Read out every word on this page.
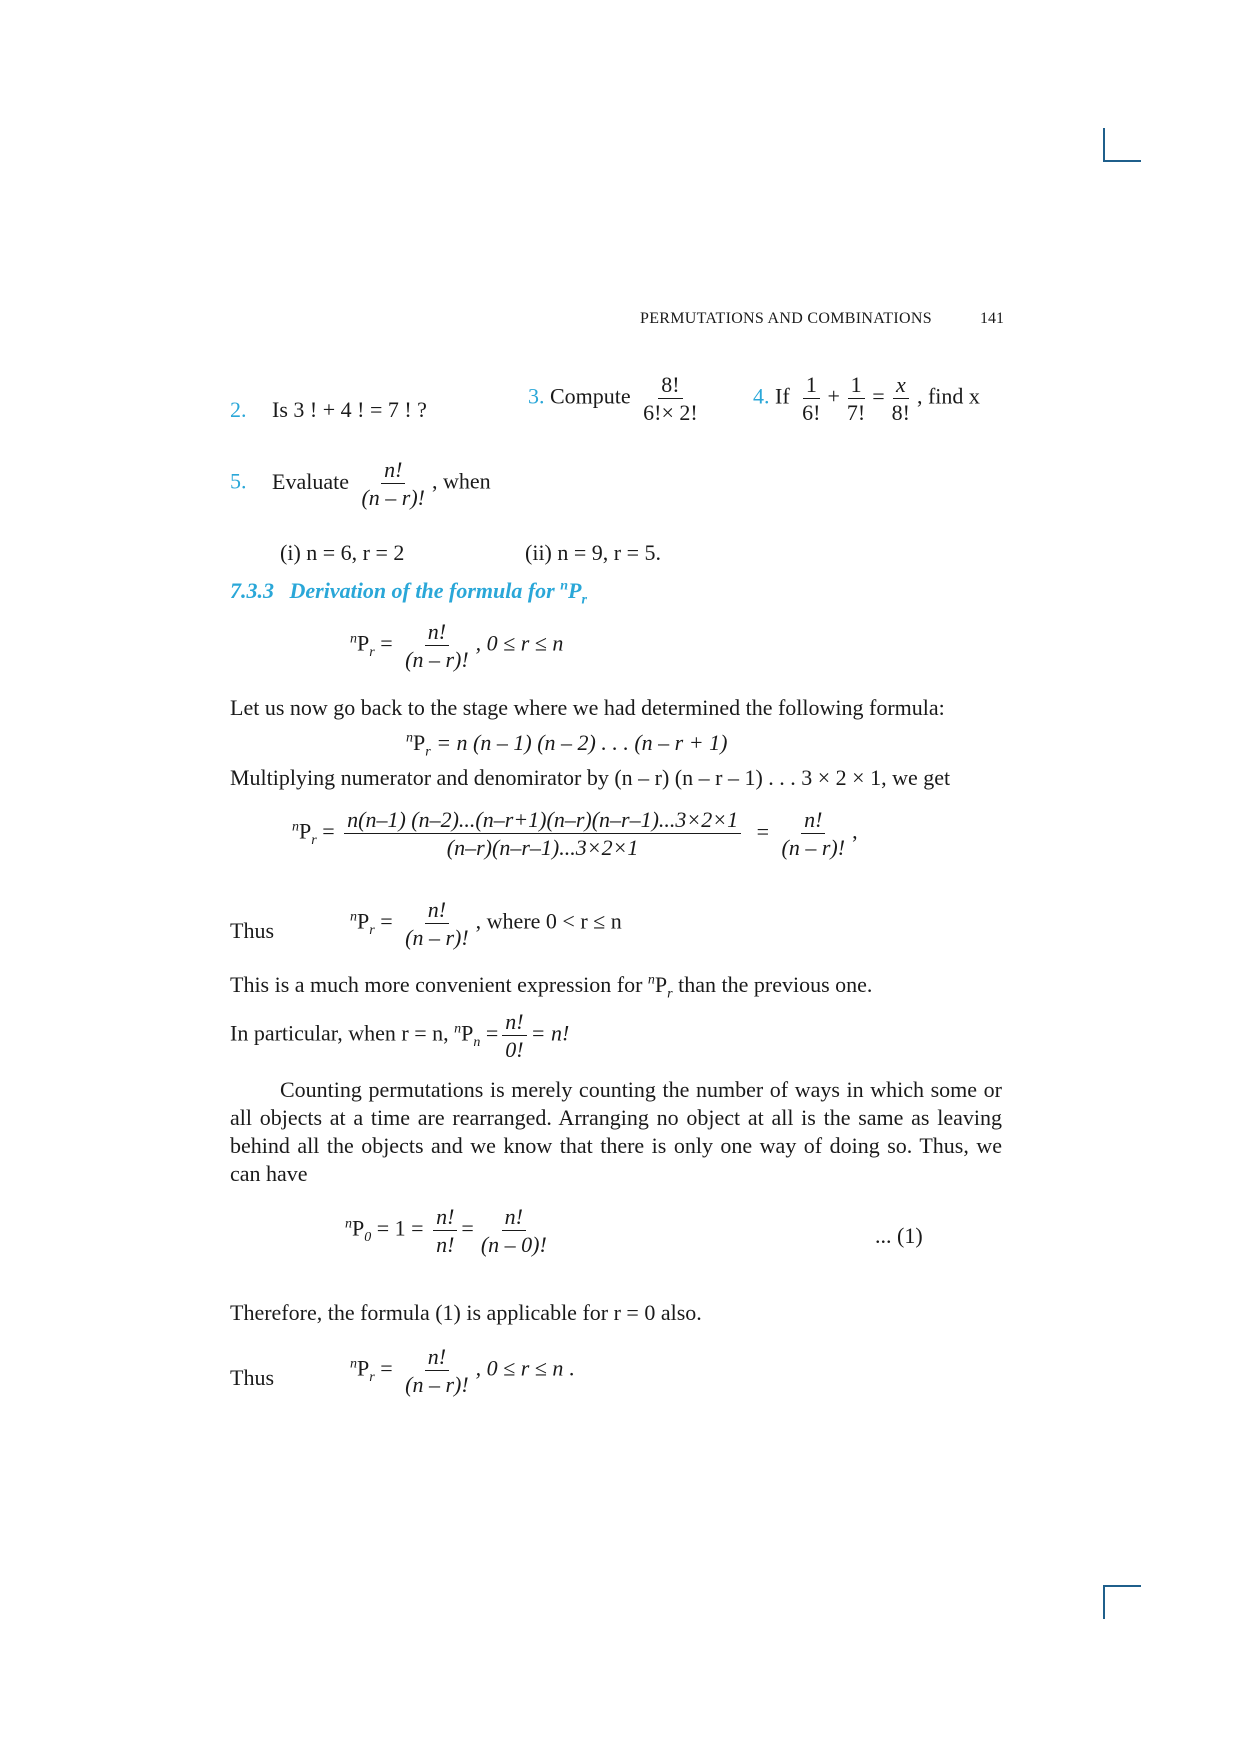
PERMUTATIONS AND COMBINATIONS	141
2. Is 3 ! + 4 ! = 7 ! ?
3. Compute $\frac{8!}{6!\times 2!} 4$. If $\frac{1}{6!} + \frac{1}{7!} = \frac{x}{8!}$ , find x
5. Evaluate $\frac{n!}{(n - r)!}$ , when
(i) n = 6, r = 2	(ii) n = 9, r = 5.
7.3.3 Derivation of the formula for $^nP_r$
$^nP_r = \frac{n!}{(n - r)!}$ , 0 ≤ r ≤ n
Let us now go back to the stage where we had determined the following formula:
$^nP_r = n$ (n – 1) (n – 2) . . . (n – r + 1)
Multiplying numerator and denomirator by (n – r) (n – r – 1) . . . 3 × 2 × 1, we get
$^nP_r = \frac{n(n-1) (n-2)...(n-r+1)(n-r)(n-r-1)...3\times 2\times 1}{(n-r)(n-r-1)...3\times 2\times 1} = \frac{n!}{(n - r)!}$ ,
Thus
$^nP_r = \frac{n!}{(n - r)!}$ , where 0 < r ≤ n
This is a much more convenient expression for $^nP_r$ than the previous one.
In particular, when r = n, $^nP_n = \frac{n!}{0!} = n$!
Counting permutations is merely counting the number of ways in which some or all objects at a time are rearranged. Arranging no object at all is the same as leaving behind all the objects and we know that there is only one way of doing so. Thus, we can have
$^nP_0 = 1 = \frac{n!}{n!} = \frac{n!}{(n - 0)!}$	... (1)
Therefore, the formula (1) is applicable for r = 0 also.
Thus
$^nP_r = \frac{n!}{(n - r)!}$ , 0 ≤ r ≤ n .
